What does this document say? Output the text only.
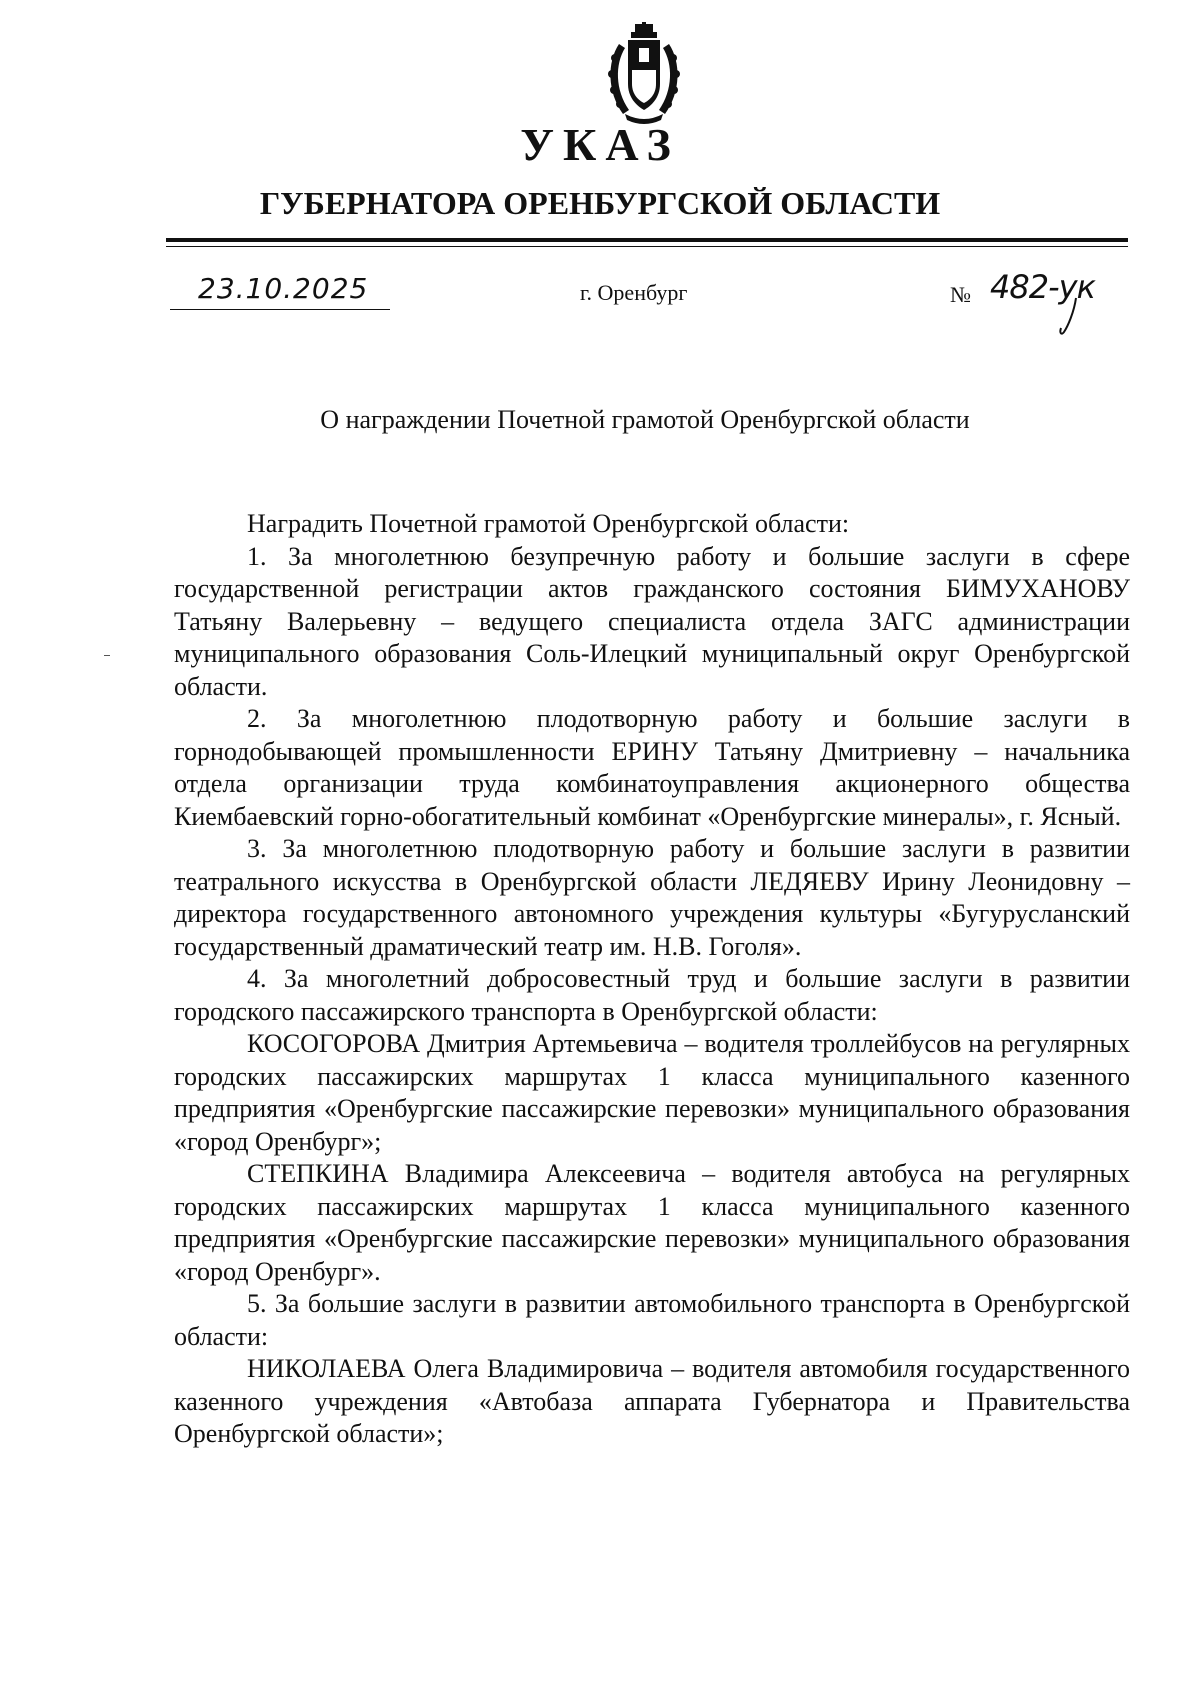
УКАЗ
ГУБЕРНАТОРА ОРЕНБУРГСКОЙ ОБЛАСТИ
23.10.2025	г. Оренбург	№ 482-ук
О награждении Почетной грамотой Оренбургской области

Наградить Почетной грамотой Оренбургской области:

1. За многолетнюю безупречную работу и большие заслуги в сфере государственной регистрации актов гражданского состояния БИМУХАНОВУ Татьяну Валерьевну – ведущего специалиста отдела ЗАГС администрации муниципального образования Соль-Илецкий муниципальный округ Оренбургской области.

2. За многолетнюю плодотворную работу и большие заслуги в горнодобывающей промышленности ЕРИНУ Татьяну Дмитриевну – начальника отдела организации труда комбинатоуправления акционерного общества Киембаевский горно-обогатительный комбинат «Оренбургские минералы», г. Ясный.

3. За многолетнюю плодотворную работу и большие заслуги в развитии театрального искусства в Оренбургской области ЛЕДЯЕВУ Ирину Леонидовну – директора государственного автономного учреждения культуры «Бугурусланский государственный драматический театр им. Н.В. Гоголя».

4. За многолетний добросовестный труд и большие заслуги в развитии городского пассажирского транспорта в Оренбургской области:

КОСОГОРОВА Дмитрия Артемьевича – водителя троллейбусов на регулярных городских пассажирских маршрутах 1 класса муниципального казенного предприятия «Оренбургские пассажирские перевозки» муниципального образования «город Оренбург»;

СТЕПКИНА Владимира Алексеевича – водителя автобуса на регулярных городских пассажирских маршрутах 1 класса муниципального казенного предприятия «Оренбургские пассажирские перевозки» муниципального образования «город Оренбург».

5. За большие заслуги в развитии автомобильного транспорта в Оренбургской области:

НИКОЛАЕВА Олега Владимировича – водителя автомобиля государственного казенного учреждения «Автобаза аппарата Губернатора и Правительства Оренбургской области»;
